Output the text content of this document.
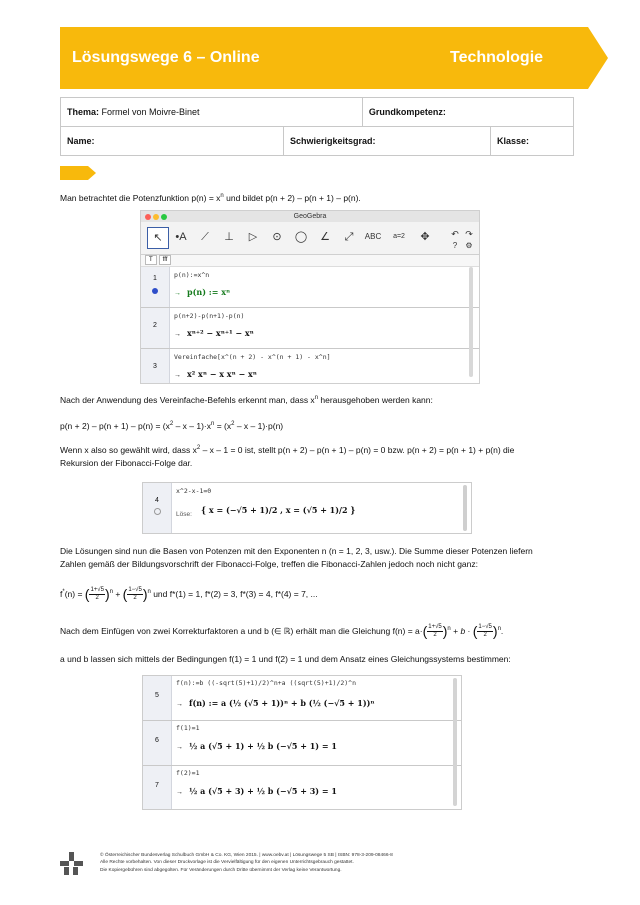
Lösungswege 6 – Online	Technologie
Thema: Formel von Moivre-Binet		Grundkompetenz:	
Name:	Schwierigkeitsgrad:		Klasse:

Man betrachtet die Potenzfunktion $p(n) = x^n$ und bildet p(n + 2) – p(n + 1) – p(n).

GeoGebra
↖	•A	⟋	⊥	▷	⊙	◯	∠	⤢	ABC	a=2	✥	↶ ↷
?	⚙
T fff
1	p(n):=x^n
→ p(n) := xⁿ
2
p(n+2)-p(n+1)-p(n)
→ xⁿ⁺² − xⁿ⁺¹ − xⁿ
3
Vereinfache[x^(n + 2) - x^(n + 1) - x^n]
→ x² xⁿ − x xⁿ − xⁿ

Nach der Anwendung des Vereinfache-Befehls erkennt man, dass $x^n$ herausgehoben werden kann:

$p(n + 2) - p(n + 1) - p(n) = (x^2 - x - 1)\cdot x^n = (x^2 - x - 1)\cdot p(n)$

Wenn x also so gewählt wird, dass $x^2 - x - 1 = 0$ ist, stellt p(n + 2) – p(n + 1) – p(n) = 0 bzw. p(n + 2) = p(n + 1) + p(n) die
Rekursion der Fibonacci-Folge dar.

4
x^2-x-1=0
Löse: { x = (−√5 + 1)/2 , x = (√5 + 1)/2 }

Die Lösungen sind nun die Basen von Potenzen mit den Exponenten n (n = 1, 2, 3, usw.). Die Summe dieser Potenzen liefern
Zahlen gemäß der Bildungsvorschrift der Fibonacci-Folge, treffen die Fibonacci-Zahlen jedoch noch nicht ganz:

f*(n) = ( $\frac{1+√5}{2} )^n$ + ( $\frac{1-√5}{2} )^n$ und f*(1) = 1, f*(2) = 3, f*(3) = 4, f*(4) = 7, ...

Nach dem Einfügen von zwei Korrekturfaktoren a und b (∈ ℝ) erhält man die Gleichung $f(n) = a\cdot( \frac{1+√5}{2} )^n + b$ · ( $\frac{1-√5}{2} )^n$.

a und b lassen sich mittels der Bedingungen f(1) = 1 und f(2) = 1 und dem Ansatz eines Gleichungssystems bestimmen:

5
f(n):=b ((-sqrt(5)+1)/2)^n+a ((sqrt(5)+1)/2)^n
→ f(n) := a (½ (√5 + 1))ⁿ + b (½ (−√5 + 1))ⁿ
6
f(1)=1
→ ½ a (√5 + 1) + ½ b (−√5 + 1) = 1
7
f(2)=1
→ ½ a (√5 + 3) + ½ b (−√5 + 3) = 1
© Österreichischer Bundesverlag Schulbuch GmbH & Co. KG, Wien 2015. | www.oebv.at | Lösungswege 5 SB | ISBN: 978-3-209-08466-8
Alle Rechte vorbehalten. Von dieser Druckvorlage ist die Vervielfältigung für den eigenen Unterrichtsgebrauch gestattet.
Die Kopiergebühren sind abgegolten. Für Veränderungen durch Dritte übernimmt der Verlag keine Verantwortung.
